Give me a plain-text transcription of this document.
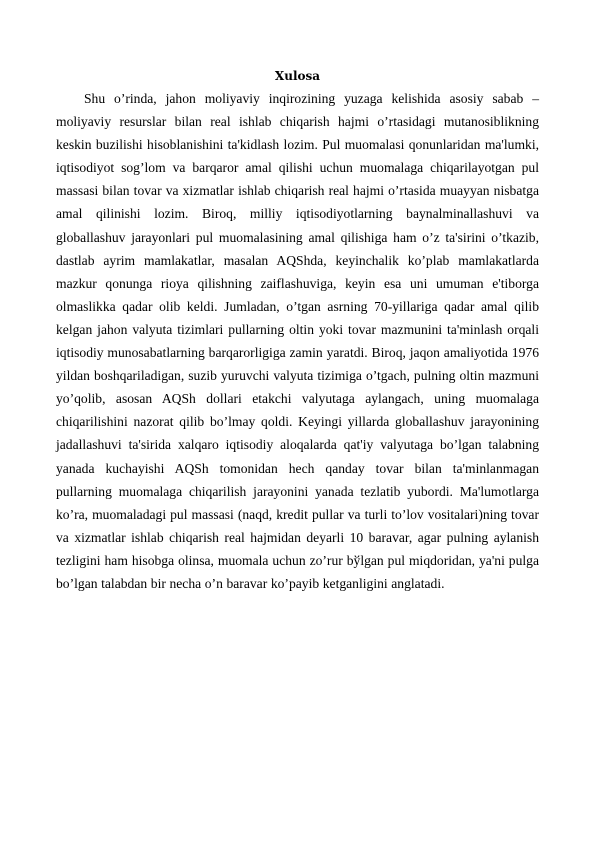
Xulosa

Shu o’rinda, jahon moliyaviy inqirozining yuzaga kelishida asosiy sabab – moliyaviy resurslar bilan real ishlab chiqarish hajmi o’rtasidagi mutanosiblikning keskin buzilishi hisoblanishini ta'kidlash lozim. Pul muomalasi qonunlaridan ma'lumki, iqtisodiyot sog’lom va barqaror amal qilishi uchun muomalaga chiqarilayotgan pul massasi bilan tovar va xizmatlar ishlab chiqarish real hajmi o’rtasida muayyan nisbatga amal qilinishi lozim. Biroq, milliy iqtisodiyotlarning baynalminallashuvi va globallashuv jarayonlari pul muomalasining amal qilishiga ham o’z ta'sirini o’tkazib, dastlab ayrim mamlakatlar, masalan AQShda, keyinchalik ko’plab mamlakatlarda mazkur qonunga rioya qilishning zaiflashuviga, keyin esa uni umuman e'tiborga olmaslikka qadar olib keldi. Jumladan, o’tgan asrning 70-yillariga qadar amal qilib kelgan jahon valyuta tizimlari pullarning oltin yoki tovar mazmunini ta'minlash orqali iqtisodiy munosabatlarning barqarorligiga zamin yaratdi. Biroq, jaqon amaliyotida 1976 yildan boshqariladigan, suzib yuruvchi valyuta tizimiga o’tgach, pulning oltin mazmuni yo’qolib, asosan AQSh dollari etakchi valyutaga aylangach, uning muomalaga chiqarilishini nazorat qilib bo’lmay qoldi. Keyingi yillarda globallashuv jarayonining jadallashuvi ta'sirida xalqaro iqtisodiy aloqalarda qat'iy valyutaga bo’lgan talabning yanada kuchayishi AQSh tomonidan hech qanday tovar bilan ta'minlanmagan pullarning muomalaga chiqarilish jarayonini yanada tezlatib yubordi. Ma'lumotlarga ko’ra, muomaladagi pul massasi (naqd, kredit pullar va turli to’lov vositalari)ning tovar va xizmatlar ishlab chiqarish real hajmidan deyarli 10 baravar, agar pulning aylanish tezligini ham hisobga olinsa, muomala uchun zo’rur bўlgan pul miqdoridan, ya'ni pulga bo’lgan talabdan bir necha o’n baravar ko’payib ketganligini anglatadi.
